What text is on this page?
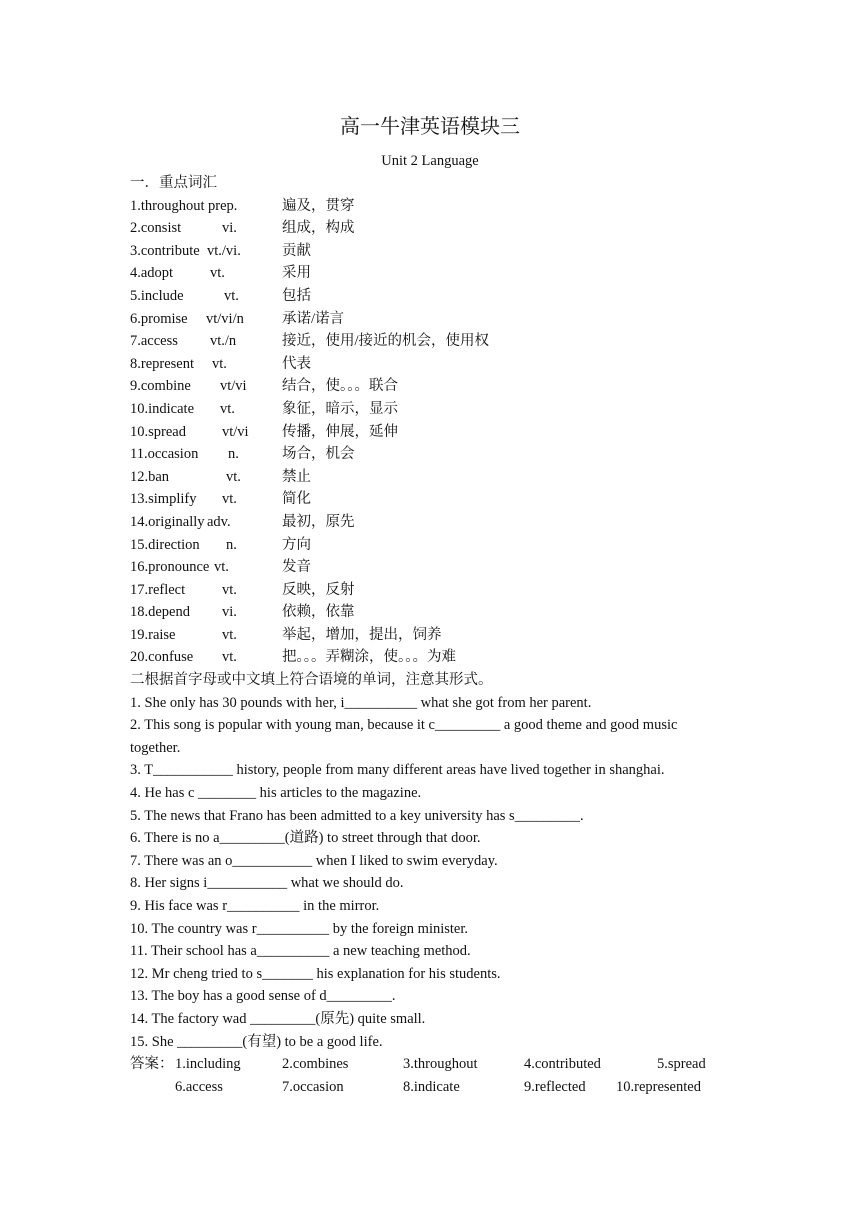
高一牛津英语模块三
Unit 2 Language
一．重点词汇
1.throughout prep.	遍及，贯穿
2.consist	vi.	组成，构成
3.contribute vt./vi.	贡献
4.adopt	vt.	采用
5.include	vt.	包括
6.promise vt/vi/n	承诺/诺言
7.access vt./n	接近，使用/接近的机会，使用权
8.represent vt.	代表
9.combine vt/vi 结合，使。。。联合
10.indicate vt.	象征，暗示，显示
10.spread vt/vi 传播，伸展，延伸
11.occasion n.	场合，机会
12.ban	vt.	禁止
13.simplify vt.	简化
14.originally adv.	最初，原先
15.direction n.	方向
16.pronounce vt.	发音
17.reflect	vt.	反映，反射
18.depend vi.	依赖，依靠
19.raise	vt.	举起，增加，提出，饲养
20.confuse vt.	把。。。弄糊涂，使。。。为难
二根据首字母或中文填上符合语境的单词，注意其形式。
1. She only has 30 pounds with her, i__________ what she got from her parent.
2. This song is popular with young man, because it c_________ a good theme and good music together.
3. T___________ history, people from many different areas have lived together in shanghai.
4. He has c ________ his articles to the magazine.
5. The news that Frano has been admitted to a key university has s_________.
6. There is no a_________(道路) to street through that door.
7. There was an o___________ when I liked to swim everyday.
8. Her signs i___________ what we should do.
9. His face was r__________ in the mirror.
10. The country was r__________ by the foreign minister.
11. Their school has a__________ a new teaching method.
12. Mr cheng tried to s_______ his explanation for his students.
13. The boy has a good sense of d_________.
14. The factory wad _________(原先) quite small.
15. She _________(有望) to be a good life.
答案： 1.including	2.combines	3.throughout	4.contributed	5.spread
6.access	7.occasion	8.indicate	9.reflected 10.represented
